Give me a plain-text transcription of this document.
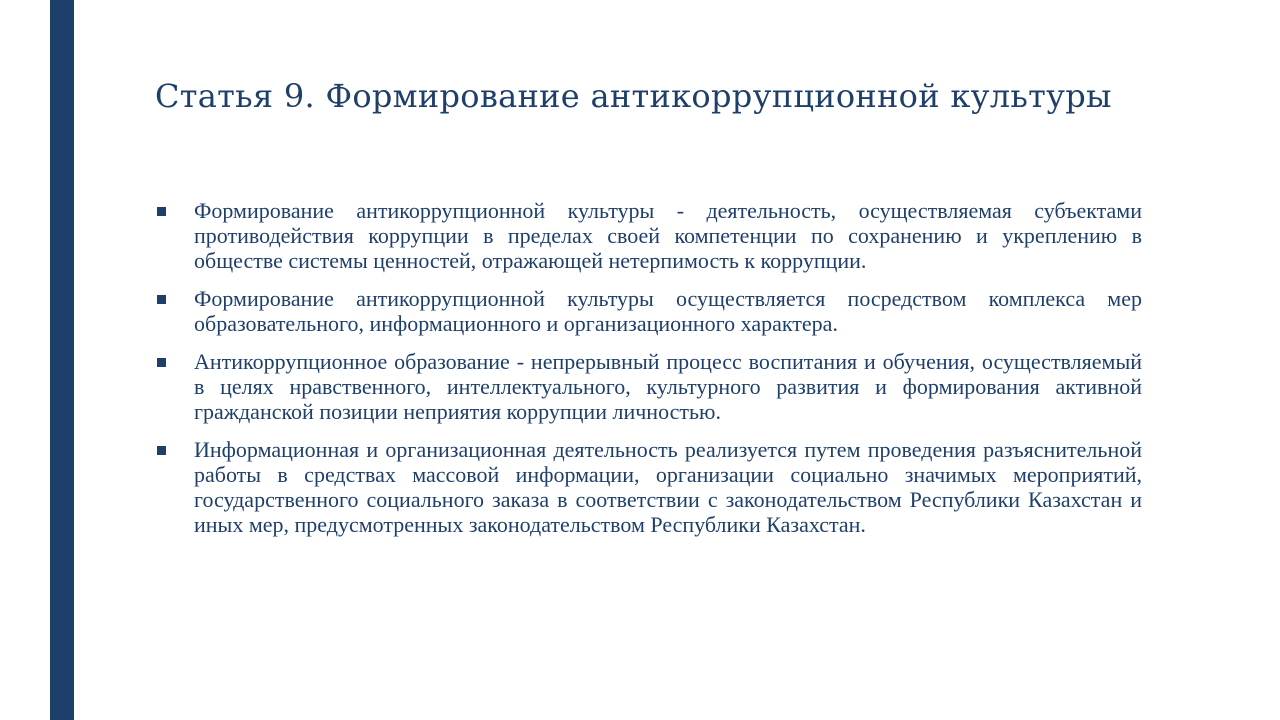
Статья 9. Формирование антикоррупционной культуры
Формирование антикоррупционной культуры - деятельность, осуществляемая субъектами противодействия коррупции в пределах своей компетенции по сохранению и укреплению в обществе системы ценностей, отражающей нетерпимость к коррупции.
Формирование антикоррупционной культуры осуществляется посредством комплекса мер образовательного, информационного и организационного характера.
Антикоррупционное образование - непрерывный процесс воспитания и обучения, осуществляемый в целях нравственного, интеллектуального, культурного развития и формирования активной гражданской позиции неприятия коррупции личностью.
Информационная и организационная деятельность реализуется путем проведения разъяснительной работы в средствах массовой информации, организации социально значимых мероприятий, государственного социального заказа в соответствии с законодательством Республики Казахстан и иных мер, предусмотренных законодательством Республики Казахстан.
